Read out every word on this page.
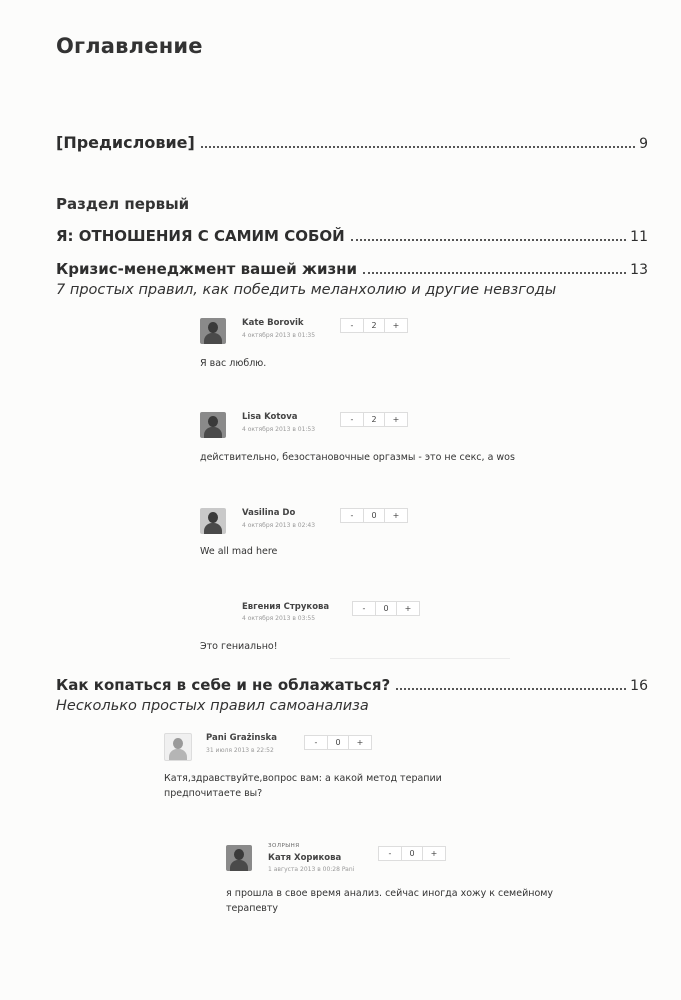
Оглавление
[Предисловие]	9
Раздел первый
Я: ОТНОШЕНИЯ С САМИМ СОБОЙ	11
Кризис-менеджмент вашей жизни	13
7 простых правил, как победить меланхолию и другие невзгоды
Kate Borovik
4 октября 2013 в 01:35
-	2	+
Я вас люблю.
Lisa Kotova
4 октября 2013 в 01:53
-	2	+
действительно, безостановочные оргазмы - это не секс, а wos
Vasilina Do
4 октября 2013 в 02:43
-	0	+
We all mad here
Евгения Струкова
4 октября 2013 в 03:55
-	0	+
Это гениально!
Как копаться в себе и не облажаться?	16
Несколько простых правил самоанализа
Pani Grażinska
31 июля 2013 в 22:52
-	0	+
Катя,здравствуйте,вопрос вам: а какой метод терапии предпочитаете вы?
ЗОЛРЫНЯ
Катя Хорикова
1 августа 2013 в 00:28 Pani
-	0	+
я прошла в свое время анализ. сейчас иногда хожу к семейному терапевту
